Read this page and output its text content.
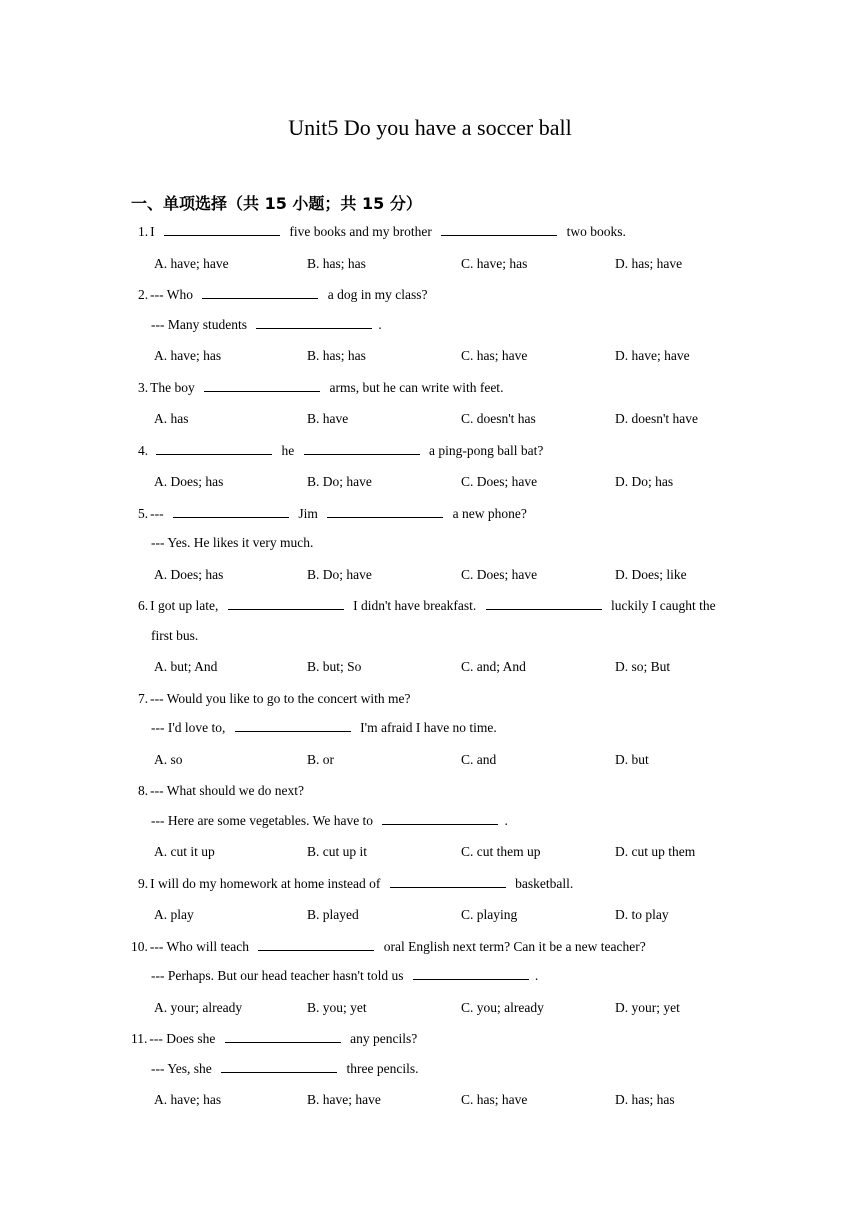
Unit5 Do you have a soccer ball
一、单项选择（共 15 小题；共 15 分）
1. I	five books and my brother	two books.
A. have; have	B. has; has	C. have; has	D. has; have
2. --- Who	a dog in my class?
--- Many students	.
A. have; has	B. has; has	C. has; have	D. have; have
3. The boy	arms, but he can write with feet.
A. has	B. have	C. doesn't has	D. doesn't have
4.	he	a ping-pong ball bat?
A. Does; has	B. Do; have	C. Does; have	D. Do; has
5. ---	Jim	a new phone?
--- Yes. He likes it very much.
A. Does; has	B. Do; have	C. Does; have	D. Does; like
6. I got up late,	I didn't have breakfast.	luckily I caught the
first bus.
A. but; And	B. but; So	C. and; And	D. so; But
7. --- Would you like to go to the concert with me?
--- I'd love to,	I'm afraid I have no time.
A. so	B. or	C. and	D. but
8. --- What should we do next?
--- Here are some vegetables. We have to	.
A. cut it up	B. cut up it	C. cut them up	D. cut up them
9. I will do my homework at home instead of	basketball.
A. play	B. played	C. playing	D. to play
10. --- Who will teach	oral English next term? Can it be a new teacher?
--- Perhaps. But our head teacher hasn't told us	.
A. your; already	B. you; yet	C. you; already	D. your; yet
11. --- Does she	any pencils?
--- Yes, she	three pencils.
A. have; has	B. have; have	C. has; have	D. has; has
